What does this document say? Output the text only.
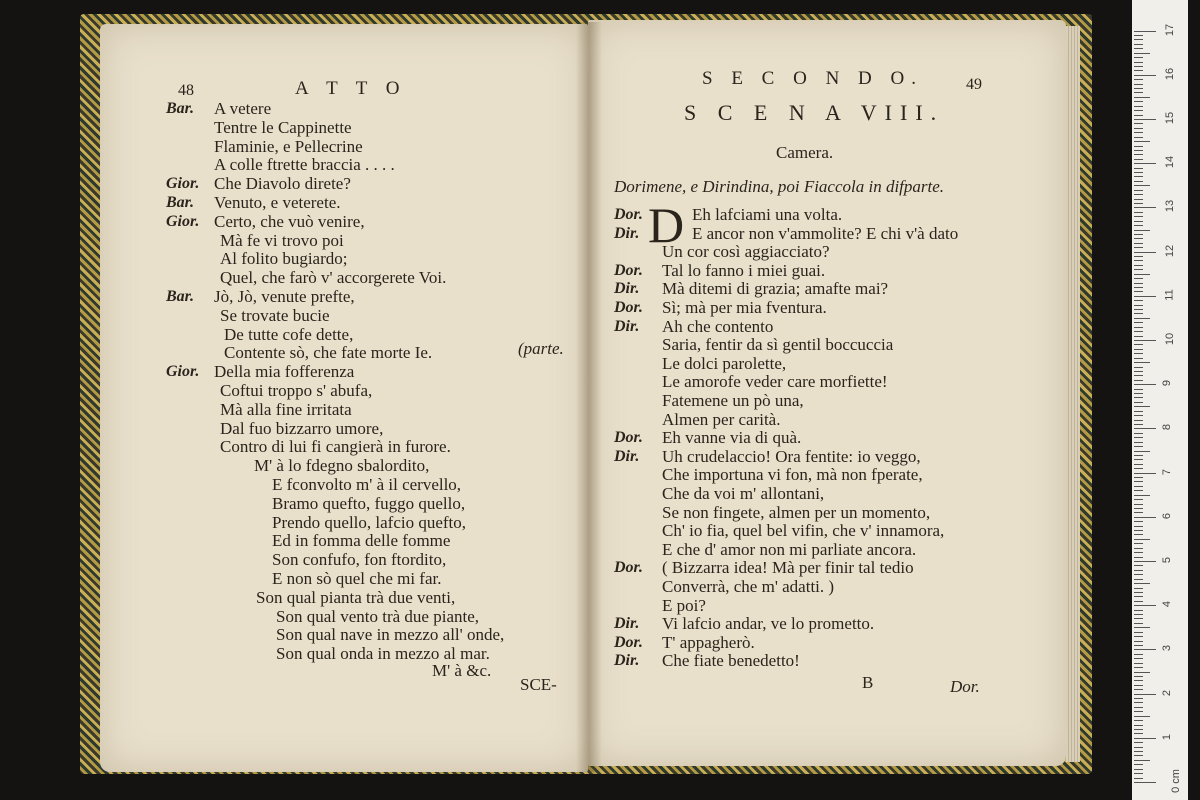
48	A T T O
(parte.
M' à &c.
SCE-
S E C O N D O.	49
S C E N A VIII.
Camera.
Dorimene, e Dirindina, poi Fiaccola in difparte.
D
B	Dor.
Bar. A vetere
Tentre le Cappinette
Flaminie, e Pellecrine
A colle ftrette braccia . . . .
Gior. Che Diavolo direte?
Bar. Venuto, e veterete.
Gior. Certo, che vuò venire,
Mà fe vi trovo poi
Al folito bugiardo;
Quel, che farò v' accorgerete Voi.
Bar. Jò, Jò, venute prefte,
Se trovate bucie
De tutte cofe dette,
Contente sò, che fate morte Ie.
Gior. Della mia fofferenza
Coftui troppo s' abufa,
Mà alla fine irritata
Dal fuo bizzarro umore,
Contro di lui fi cangierà in furore.
M' à lo fdegno sbalordito,
E fconvolto m' à il cervello,
Bramo quefto, fuggo quello,
Prendo quello, lafcio quefto,
Ed in fomma delle fomme
Son confufo, fon ftordito,
E non sò quel che mi far.
Son qual pianta trà due venti,
Son qual vento trà due piante,
Son qual nave in mezzo all' onde,
Son qual onda in mezzo al mar.
Dor.	Eh lafciami una volta.
Dir.	E ancor non v'ammolite? E chi v'à dato
Un cor così aggiacciato?
Dor. Tal lo fanno i miei guai.
Dir. Mà ditemi di grazia; amafte mai?
Dor. Sì; mà per mia fventura.
Dir. Ah che contento
Saria, fentir da sì gentil boccuccia
Le dolci parolette,
Le amorofe veder care morfiette!
Fatemene un pò una,
Almen per carità.
Dor. Eh vanne via di quà.
Dir. Uh crudelaccio! Ora fentite: io veggo,
Che importuna vi fon, mà non fperate,
Che da voi m' allontani,
Se non fingete, almen per un momento,
Ch' io fia, quel bel vifin, che v' innamora,
E che d' amor non mi parliate ancora.
Dor. ( Bizzarra idea! Mà per finir tal tedio
Converrà, che m' adatti. )
E poi?
Dir. Vi lafcio andar, ve lo prometto.
Dor. T' appagherò.
Dir. Che fiate benedetto!
0 cm
1
2
3
4
5
6
7
8
9
10
11
12
13
14
15
16
17
